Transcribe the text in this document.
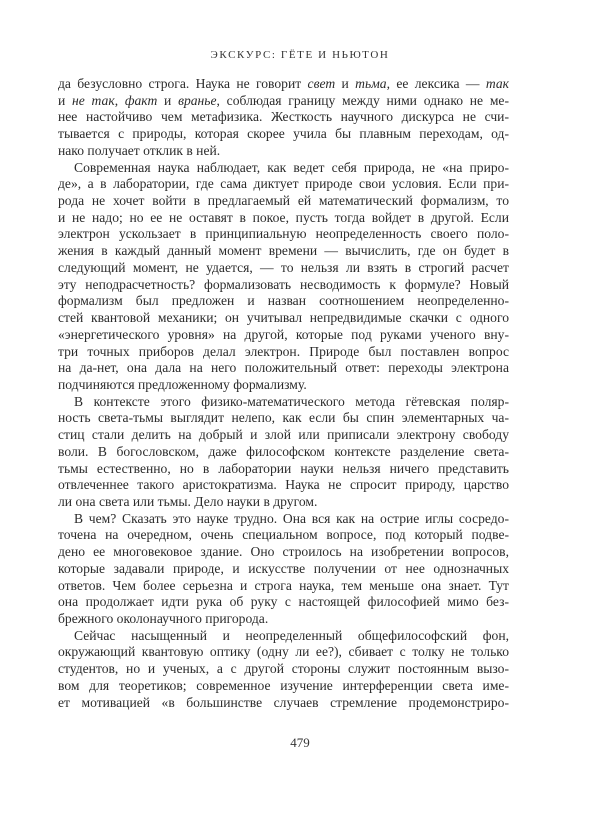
ЭКСКУРС: ГЁТЕ И НЬЮТОН
да безусловно строга. Наука не говорит свет и тьма, ее лексика — так
и не так, факт и вранье, соблюдая границу между ними однако не ме-
нее настойчиво чем метафизика. Жесткость научного дискурса не счи-
тывается с природы, которая скорее учила бы плавным переходам, од-
нако получает отклик в ней.
Современная наука наблюдает, как ведет себя природа, не «на приро-
де», а в лаборатории, где сама диктует природе свои условия. Если при-
рода не хочет войти в предлагаемый ей математический формализм, то
и не надо; но ее не оставят в покое, пусть тогда войдет в другой. Если
электрон ускользает в принципиальную неопределенность своего поло-
жения в каждый данный момент времени — вычислить, где он будет в
следующий момент, не удается, — то нельзя ли взять в строгий расчет
эту неподрасчетность? формализовать несводимость к формуле? Новый
формализм был предложен и назван соотношением неопределенно-
стей квантовой механики; он учитывал непредвидимые скачки с одного
«энергетического уровня» на другой, которые под руками ученого вну-
три точных приборов делал электрон. Природе был поставлен вопрос
на да-нет, она дала на него положительный ответ: переходы электрона
подчиняются предложенному формализму.
В контексте этого физико-математического метода гётевская поляр-
ность света-тьмы выглядит нелепо, как если бы спин элементарных ча-
стиц стали делить на добрый и злой или приписали электрону свободу
воли. В богословском, даже философском контексте разделение света-
тьмы естественно, но в лаборатории науки нельзя ничего представить
отвлеченнее такого аристократизма. Наука не спросит природу, царство
ли она света или тьмы. Дело науки в другом.
В чем? Сказать это науке трудно. Она вся как на острие иглы сосредо-
точена на очередном, очень специальном вопросе, под который подве-
дено ее многовековое здание. Оно строилось на изобретении вопросов,
которые задавали природе, и искусстве получении от нее однозначных
ответов. Чем более серьезна и строга наука, тем меньше она знает. Тут
она продолжает идти рука об руку с настоящей философией мимо без-
брежного околонаучного пригорода.
Сейчас насыщенный и неопределенный общефилософский фон,
окружающий квантовую оптику (одну ли ее?), сбивает с толку не только
студентов, но и ученых, а с другой стороны служит постоянным вызо-
вом для теоретиков; современное изучение интерференции света име-
ет мотивацией «в большинстве случаев стремление продемонстриро-
479
